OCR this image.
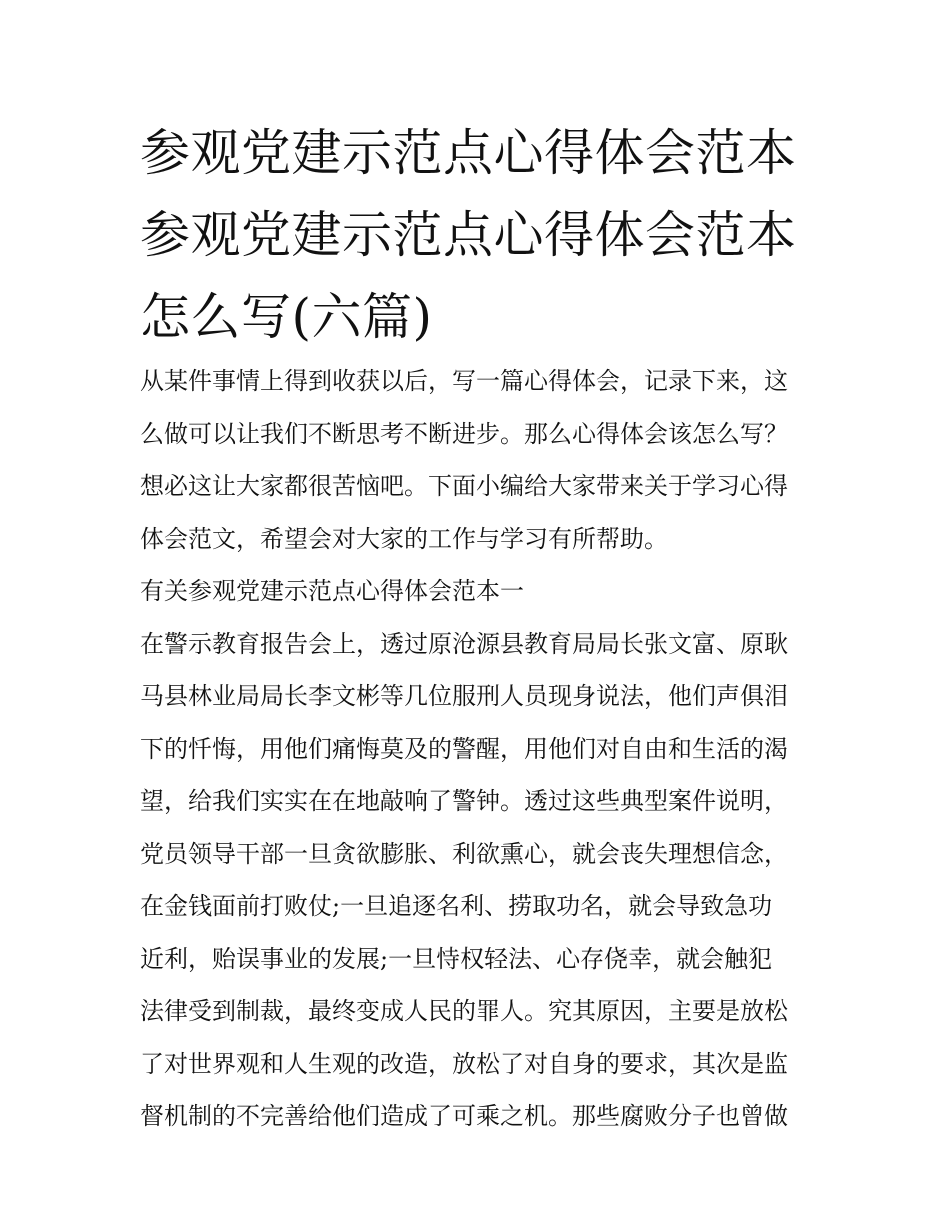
参观党建示范点心得体会范本
参观党建示范点心得体会范本
怎么写(六篇)
从某件事情上得到收获以后，写一篇心得体会，记录下来，这
么做可以让我们不断思考不断进步。那么心得体会该怎么写？
想必这让大家都很苦恼吧。下面小编给大家带来关于学习心得
体会范文，希望会对大家的工作与学习有所帮助。
有关参观党建示范点心得体会范本一
在警示教育报告会上，透过原沧源县教育局局长张文富、原耿
马县林业局局长李文彬等几位服刑人员现身说法，他们声俱泪
下的忏悔，用他们痛悔莫及的警醒，用他们对自由和生活的渴
望，给我们实实在在地敲响了警钟。透过这些典型案件说明，
党员领导干部一旦贪欲膨胀、利欲熏心，就会丧失理想信念，
在金钱面前打败仗;一旦追逐名利、捞取功名，就会导致急功
近利，贻误事业的发展;一旦恃权轻法、心存侥幸，就会触犯
法律受到制裁，最终变成人民的罪人。究其原因，主要是放松
了对世界观和人生观的改造，放松了对自身的要求，其次是监
督机制的不完善给他们造成了可乘之机。那些腐败分子也曾做
